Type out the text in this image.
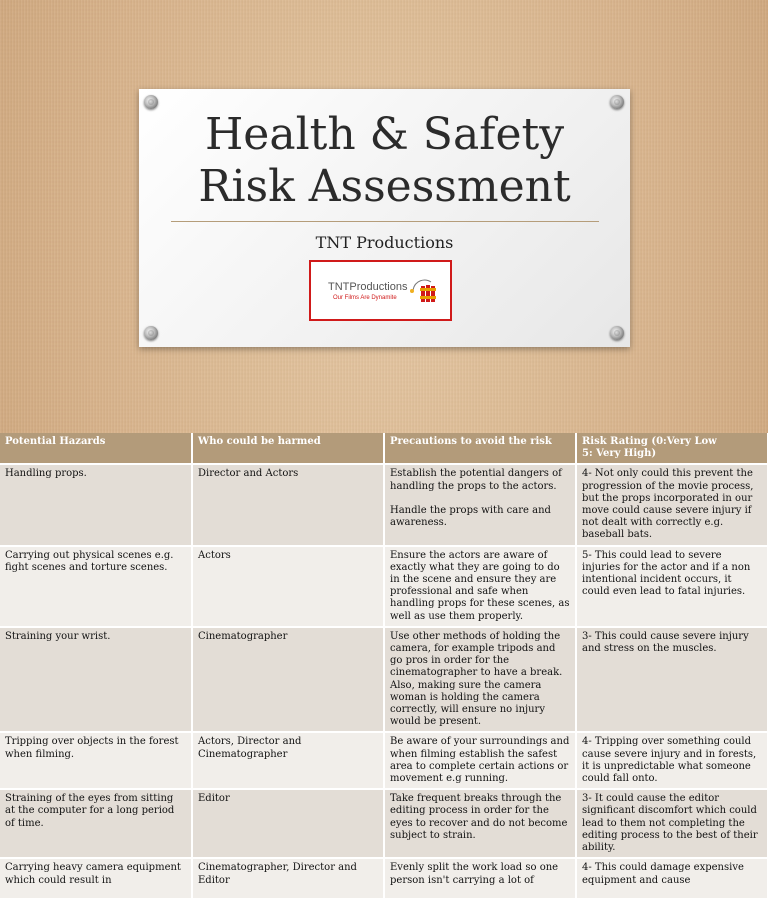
Health & Safety
Risk Assessment
TNT Productions
TNTProductions
Our Films Are Dynamite
Potential Hazards	Who could be harmed	Precautions to avoid the risk	Risk Rating (0:Very Low
5: Very High)
Handling props.	Director and Actors	Establish the potential dangers of handling the props to the actors.

Handle the props with care and awareness.	4- Not only could this prevent the progression of the movie process, but the props incorporated in our move could cause severe injury if not dealt with correctly e.g. baseball bats.
Carrying out physical scenes e.g. fight scenes and torture scenes.	Actors	Ensure the actors are aware of exactly what they are going to do in the scene and ensure they are professional and safe when handling props for these scenes, as well as use them properly.	5- This could lead to severe injuries for the actor and if a non intentional incident occurs, it could even lead to fatal injuries.
Straining your wrist.	Cinematographer	Use other methods of holding the camera, for example tripods and go pros in order for the cinematographer to have a break. Also, making sure the camera woman is holding the camera correctly, will ensure no injury would be present.	3- This could cause severe injury and stress on the muscles.
Tripping over objects in the forest when filming.	Actors, Director and Cinematographer	Be aware of your surroundings and when filming establish the safest area to complete certain actions or movement e.g running.	4- Tripping over something could cause severe injury and in forests, it is unpredictable what someone could fall onto.
Straining of the eyes from sitting at the computer for a long period of time.	Editor	Take frequent breaks through the editing process in order for the eyes to recover and do not become subject to strain.	3- It could cause the editor significant discomfort which could lead to them not completing the editing process to the best of their ability.
Carrying heavy camera equipment which could result in	Cinematographer, Director and Editor	Evenly split the work load so one person isn't carrying a lot of	4- This could damage expensive equipment and cause
